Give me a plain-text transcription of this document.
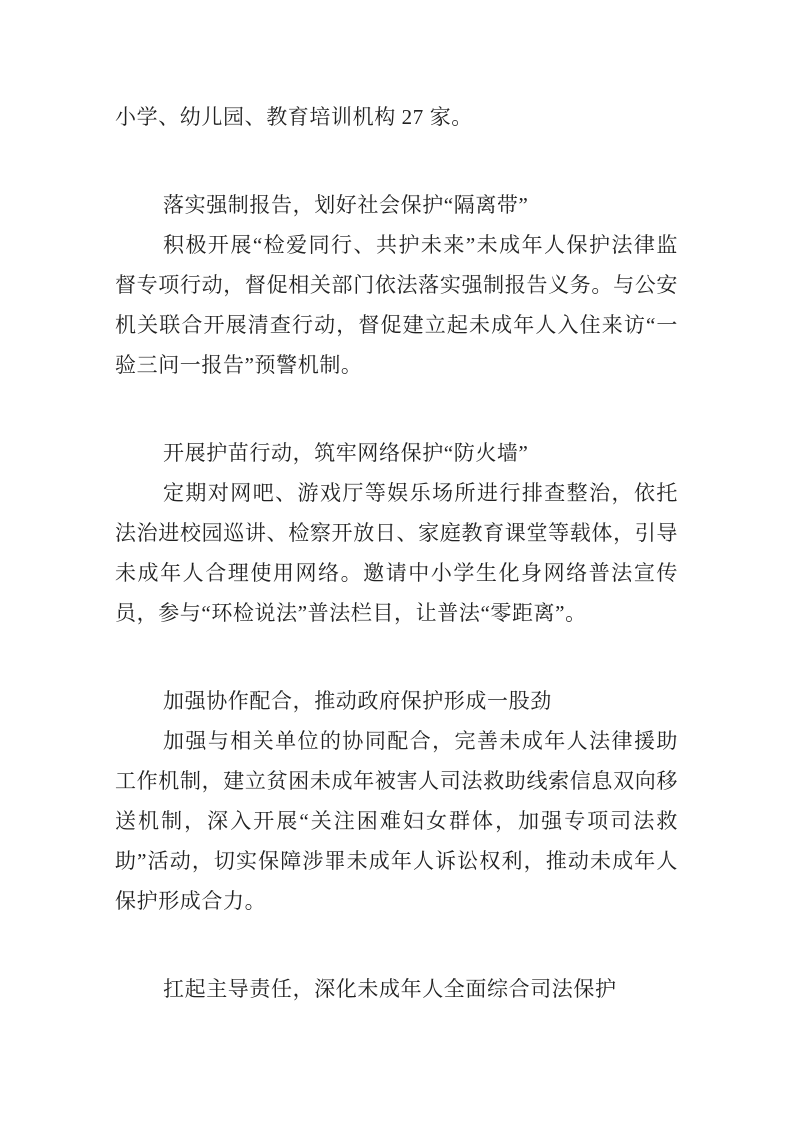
小学、幼儿园、教育培训机构 27 家。

落实强制报告，划好社会保护“隔离带”

积极开展“检爱同行、共护未来”未成年人保护法律监督专项行动，督促相关部门依法落实强制报告义务。与公安机关联合开展清查行动，督促建立起未成年人入住来访“一验三问一报告”预警机制。

开展护苗行动，筑牢网络保护“防火墙”

定期对网吧、游戏厅等娱乐场所进行排查整治，依托法治进校园巡讲、检察开放日、家庭教育课堂等载体，引导未成年人合理使用网络。邀请中小学生化身网络普法宣传员，参与“环检说法”普法栏目，让普法“零距离”。

加强协作配合，推动政府保护形成一股劲

加强与相关单位的协同配合，完善未成年人法律援助工作机制，建立贫困未成年被害人司法救助线索信息双向移送机制，深入开展“关注困难妇女群体，加强专项司法救助”活动，切实保障涉罪未成年人诉讼权利，推动未成年人保护形成合力。

扛起主导责任，深化未成年人全面综合司法保护
